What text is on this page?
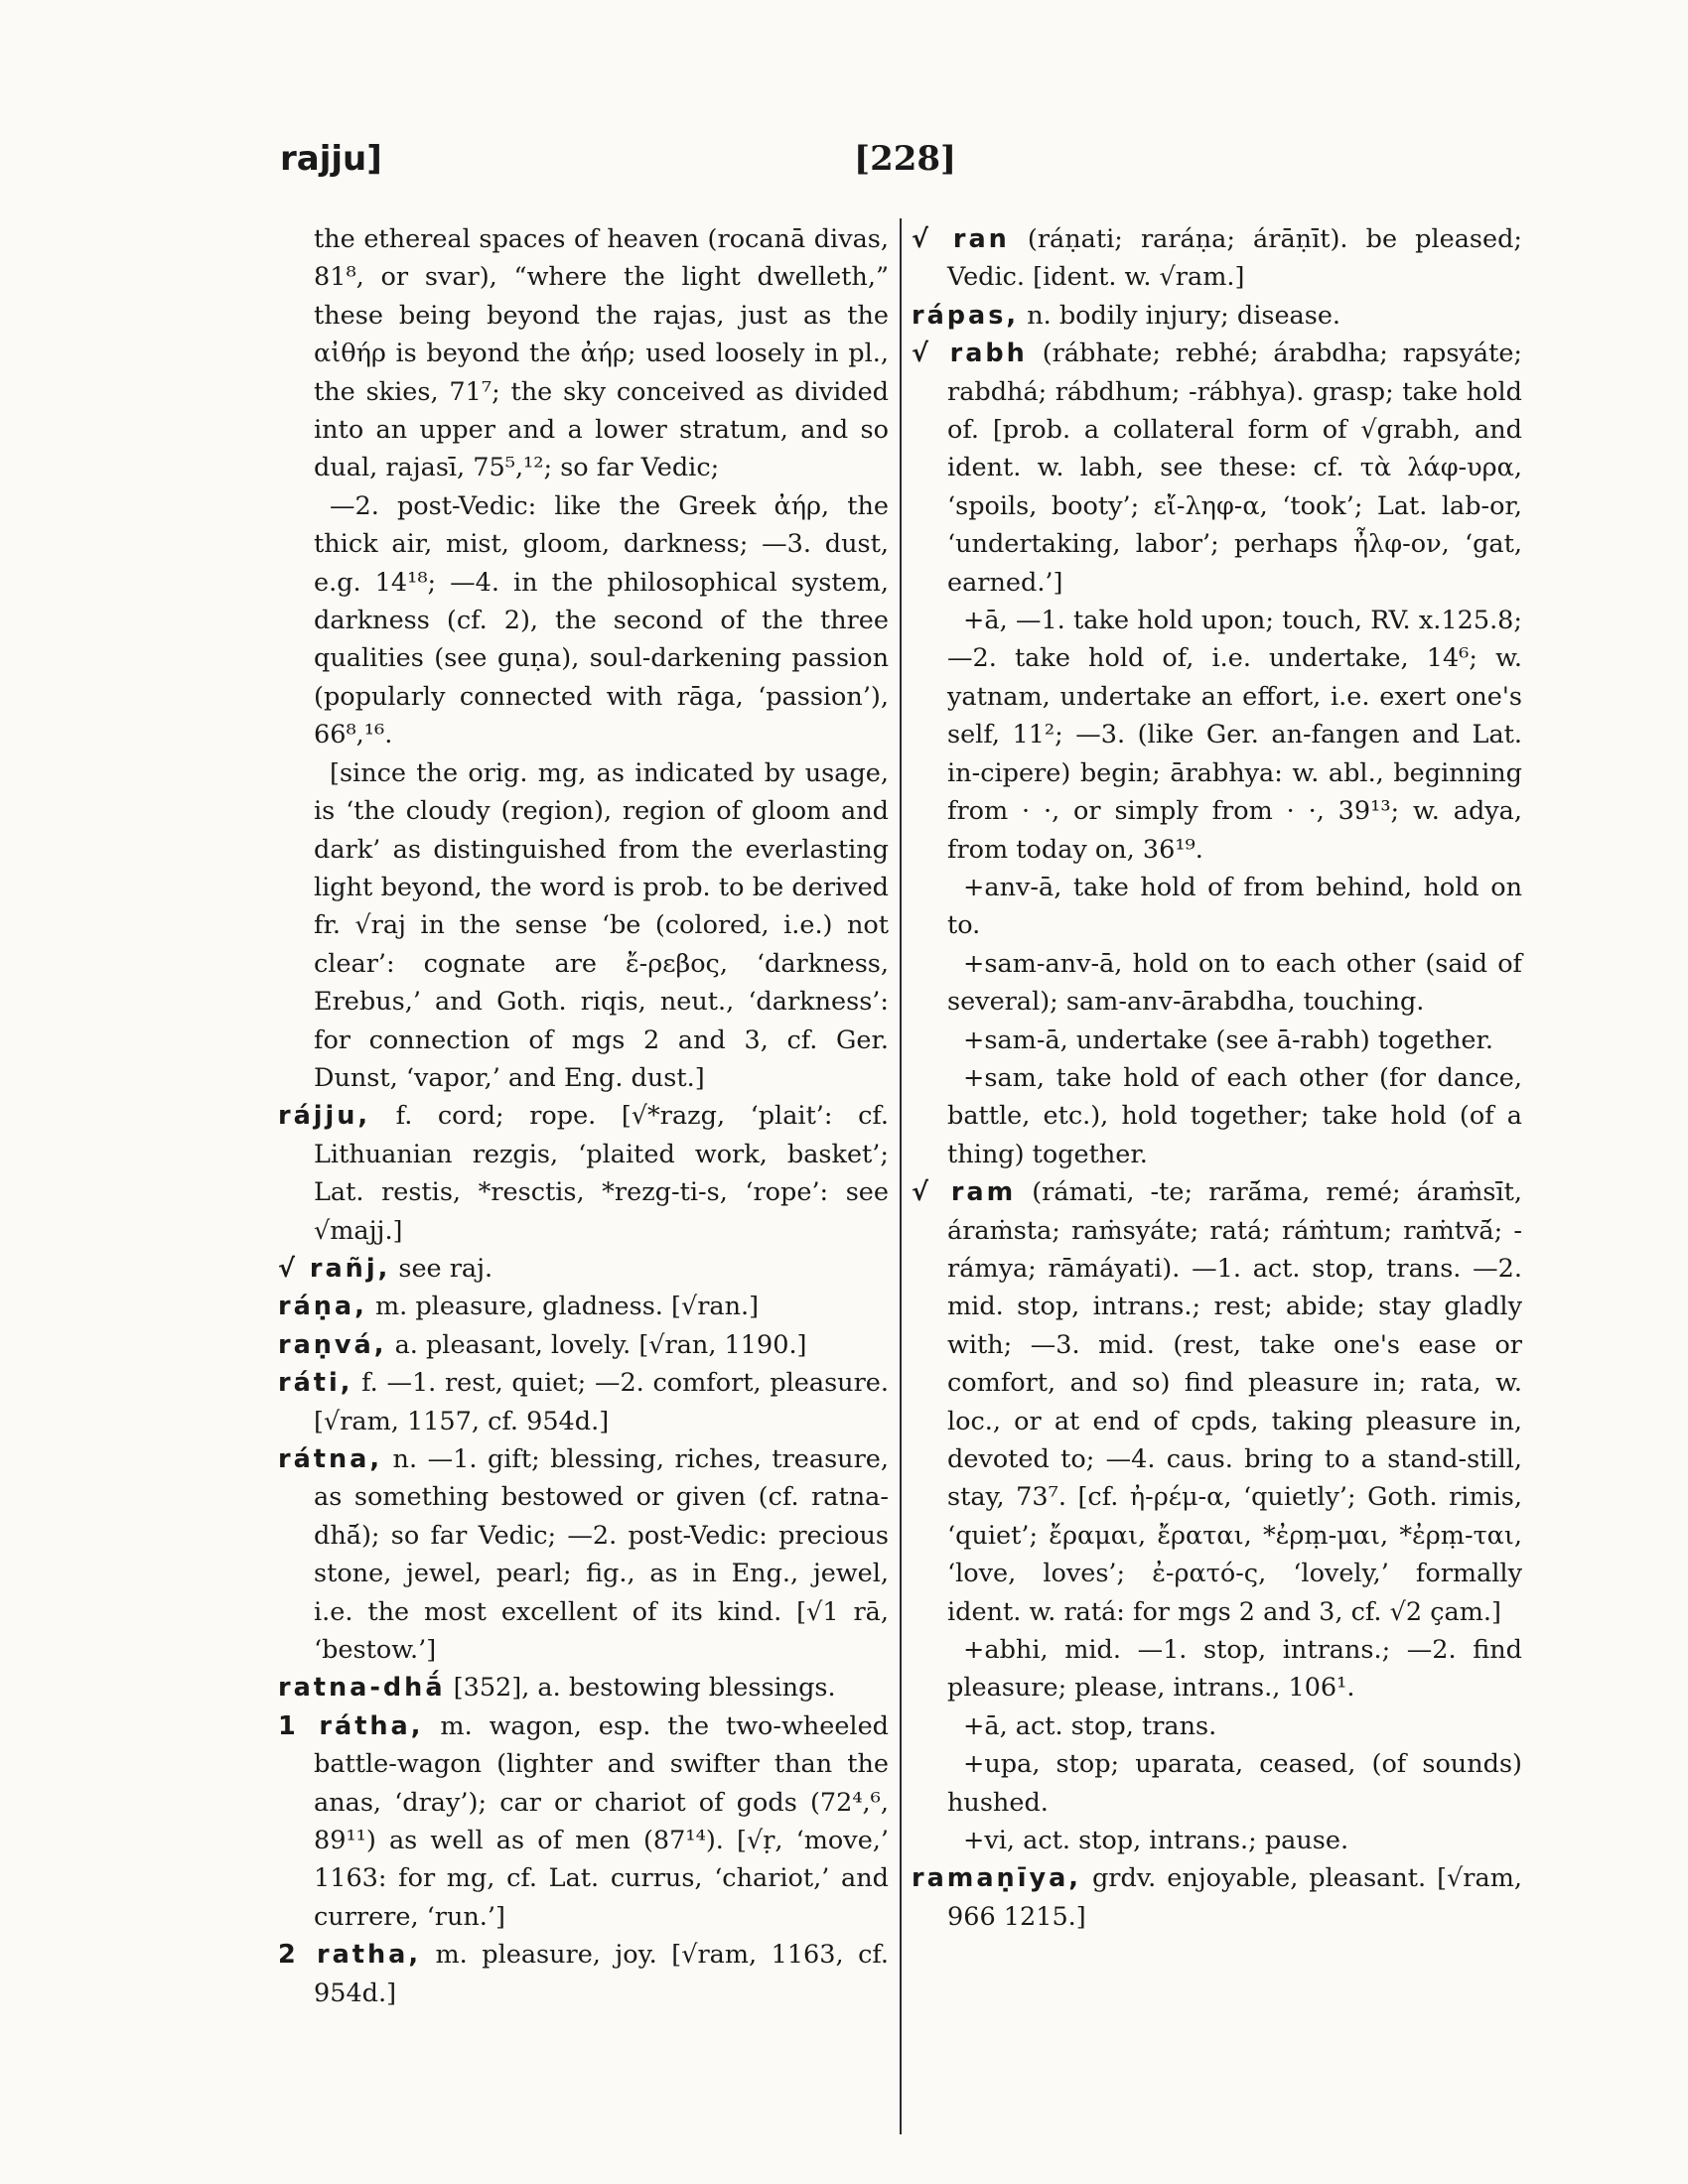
rajju]	[228]

the ethereal spaces of heaven (rocanā divas, 81⁸, or svar), “where the light dwelleth,” these being beyond the rajas, just as the αἰθήρ is beyond the ἀήρ; used loosely in pl., the skies, 71⁷; the sky conceived as divided into an upper and a lower stratum, and so dual, rajasī, 75⁵,¹²; so far Vedic;

—2. post-Vedic: like the Greek ἀήρ, the thick air, mist, gloom, darkness; —3. dust, e.g. 14¹⁸; —4. in the philosophical system, darkness (cf. 2), the second of the three qualities (see guṇa), soul-darkening passion (popularly connected with rāga, ‘passion’), 66⁸,¹⁶.

[since the orig. mg, as indicated by usage, is ‘the cloudy (region), region of gloom and dark’ as distinguished from the everlasting light beyond, the word is prob. to be derived fr. √raj in the sense ‘be (colored, i.e.) not clear’: cognate are ἔ-ρεβος, ‘darkness, Erebus,’ and Goth. riqis, neut., ‘darkness’: for connection of mgs 2 and 3, cf. Ger. Dunst, ‘vapor,’ and Eng. dust.]

rájju, f. cord; rope. [√*razg, ‘plait’: cf. Lithuanian rezgis, ‘plaited work, basket’; Lat. restis, *resctis, *rezg-ti-s, ‘rope’: see √majj.]

√ rañj, see raj.

ráṇa, m. pleasure, gladness. [√ran.]

raṇvá, a. pleasant, lovely. [√ran, 1190.]

ráti, f. —1. rest, quiet; —2. comfort, pleasure. [√ram, 1157, cf. 954d.]

rátna, n. —1. gift; blessing, riches, treasure, as something bestowed or given (cf. ratna-dhā́); so far Vedic; —2. post-Vedic: precious stone, jewel, pearl; fig., as in Eng., jewel, i.e. the most excellent of its kind. [√1 rā, ‘bestow.’]

ratna-dhā́ [352], a. bestowing blessings.

1 rátha, m. wagon, esp. the two-wheeled battle-wagon (lighter and swifter than the anas, ‘dray’); car or chariot of gods (72⁴,⁶, 89¹¹) as well as of men (87¹⁴). [√ṛ, ‘move,’ 1163: for mg, cf. Lat. currus, ‘chariot,’ and currere, ‘run.’]

2 ratha, m. pleasure, joy. [√ram, 1163, cf. 954d.]

√ ran (ráṇati; raráṇa; árāṇīt). be pleased; Vedic. [ident. w. √ram.]

rápas, n. bodily injury; disease.

√ rabh (rábhate; rebhé; árabdha; rapsyáte; rabdhá; rábdhum; -rábhya). grasp; take hold of. [prob. a collateral form of √grabh, and ident. w. labh, see these: cf. τὰ λάφ-υρα, ‘spoils, booty’; εἴ-ληφ-α, ‘took’; Lat. lab-or, ‘undertaking, labor’; perhaps ἦλφ-ον, ‘gat, earned.’]

+ā, —1. take hold upon; touch, RV. x.125.8; —2. take hold of, i.e. undertake, 14⁶; w. yatnam, undertake an effort, i.e. exert one's self, 11²; —3. (like Ger. an-fangen and Lat. in-cipere) begin; ārabhya: w. abl., beginning from · ·, or simply from · ·, 39¹³; w. adya, from today on, 36¹⁹.

+anv-ā, take hold of from behind, hold on to.

+sam-anv-ā, hold on to each other (said of several); sam-anv-ārabdha, touching.

+sam-ā, undertake (see ā-rabh) together.

+sam, take hold of each other (for dance, battle, etc.), hold together; take hold (of a thing) together.

√ ram (rámati, -te; rarā́ma, remé; áraṁsīt, áraṁsta; raṁsyáte; ratá; ráṁtum; raṁtvā́; -rámya; rāmáyati). —1. act. stop, trans. —2. mid. stop, intrans.; rest; abide; stay gladly with; —3. mid. (rest, take one's ease or comfort, and so) find pleasure in; rata, w. loc., or at end of cpds, taking pleasure in, devoted to; —4. caus. bring to a stand-still, stay, 73⁷. [cf. ἠ-ρέμ-α, ‘quietly’; Goth. rimis, ‘quiet’; ἔραμαι, ἔραται, *ἐρṃ-μαι, *ἐρṃ-ται, ‘love, loves’; ἐ-ρατό-ς, ‘lovely,’ formally ident. w. ratá: for mgs 2 and 3, cf. √2 çam.]

+abhi, mid. —1. stop, intrans.; —2. find pleasure; please, intrans., 106¹.

+ā, act. stop, trans.

+upa, stop; uparata, ceased, (of sounds) hushed.

+vi, act. stop, intrans.; pause.

ramaṇīya, grdv. enjoyable, pleasant. [√ram, 966 1215.]
